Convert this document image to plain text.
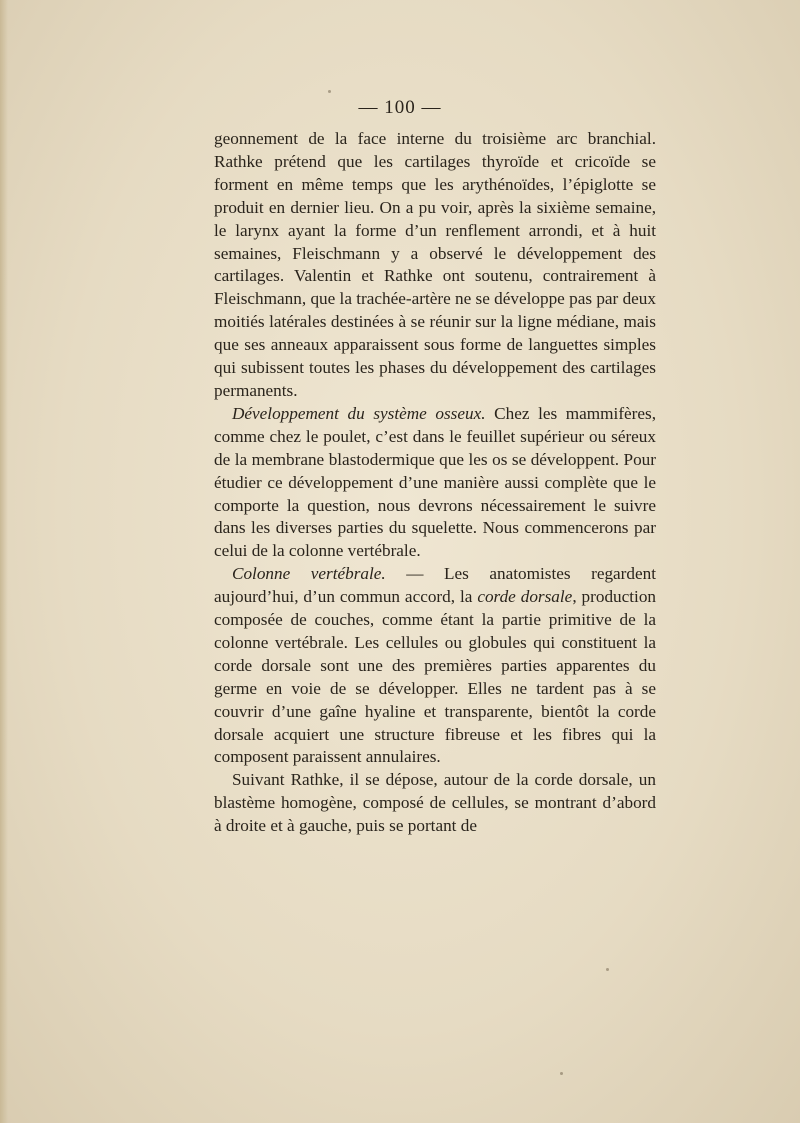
— 100 —

geonnement de la face interne du troisième arc branchial. Rathke prétend que les cartilages thyroïde et cricoïde se forment en même temps que les arythénoïdes, l’épiglotte se produit en dernier lieu. On a pu voir, après la sixième semaine, le larynx ayant la forme d’un renflement arrondi, et à huit semaines, Fleischmann y a observé le développement des cartilages. Valentin et Rathke ont soutenu, contrairement à Fleischmann, que la trachée-artère ne se développe pas par deux moitiés latérales destinées à se réunir sur la ligne médiane, mais que ses anneaux apparaissent sous forme de languettes simples qui subissent toutes les phases du développement des cartilages permanents.

Développement du système osseux. Chez les mammifères, comme chez le poulet, c’est dans le feuillet supérieur ou séreux de la membrane blastodermique que les os se développent. Pour étudier ce développement d’une manière aussi complète que le comporte la question, nous devrons nécessairement le suivre dans les diverses parties du squelette. Nous commencerons par celui de la colonne vertébrale.

Colonne vertébrale. — Les anatomistes regardent aujourd’hui, d’un commun accord, la corde dorsale, production composée de couches, comme étant la partie primitive de la colonne vertébrale. Les cellules ou globules qui constituent la corde dorsale sont une des premières parties apparentes du germe en voie de se développer. Elles ne tardent pas à se couvrir d’une gaîne hyaline et transparente, bientôt la corde dorsale acquiert une structure fibreuse et les fibres qui la composent paraissent annulaires.

Suivant Rathke, il se dépose, autour de la corde dorsale, un blastème homogène, composé de cellules, se montrant d’abord à droite et à gauche, puis se portant de
